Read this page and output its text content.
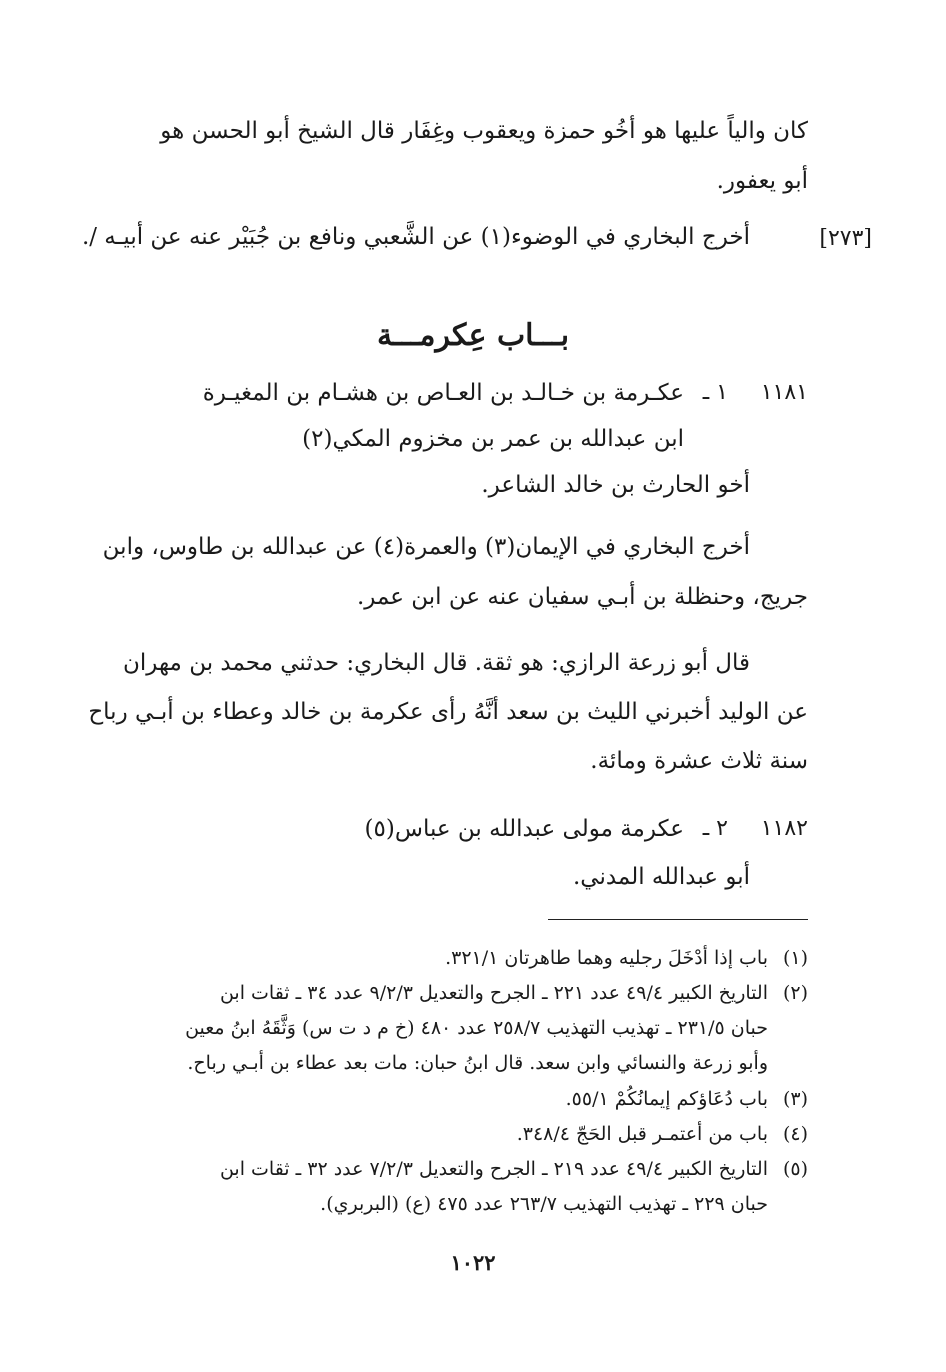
كان والياً عليها هو أخُو حمزة ويعقوب وغِفَار قال الشيخ أبو الحسن هو
أبو يعفور.
[٢٧٣]
أخرج البخاري في الوضوء(١) عن الشَّعبي ونافع بن جُبَيْر عنه عن أبيـه /.
بـــاب عِكرمـــة
١١٨١
١ ـ
عكـرمة بن خـالـد بن العـاص بن هشـام بن المغيـرة
ابن عبدالله بن عمر بن مخزوم المكي(٢)
أخو الحارث بن خالد الشاعر.
أخرج البخاري في الإيمان(٣) والعمرة(٤) عن عبدالله بن طاوس، وابن
جريج، وحنظلة بن أبـي سفيان عنه عن ابن عمر.
قال أبو زرعة الرازي: هو ثقة. قال البخاري: حدثني محمد بن مهران
عن الوليد أخبرني الليث بن سعد أنَّهُ رأى عكرمة بن خالد وعطاء بن أبـي رباح
سنة ثلاث عشرة ومائة.
١١٨٢
٢ ـ
عكرمة مولى عبدالله بن عباس(٥)
أبو عبدالله المدني.
(١)
باب إذا أدْخَلَ رجليه وهما طاهرتان ٣٢١/١.
(٢)
التاريخ الكبير ٤٩/٤ عدد ٢٢١ ـ الجرح والتعديل ٩/٢/٣ عدد ٣٤ ـ ثقات ابن
حبان ٢٣١/٥ ـ تهذيب التهذيب ٢٥٨/٧ عدد ٤٨٠ (خ م د ت س) وَثَّقَهُ ابنُ معين
وأبو زرعة والنسائي وابن سعد. قال ابنُ حبان: مات بعد عطاء بن أبـي رباح.
(٣)
باب دُعَاؤكم إيمانُكُمْ ٥٥/١.
(٤)
باب من أعتمـر قبل الحَجّ ٣٤٨/٤.
(٥)
التاريخ الكبير ٤٩/٤ عدد ٢١٩ ـ الجرح والتعديل ٧/٢/٣ عدد ٣٢ ـ ثقات ابن
حبان ٢٢٩ ـ تهذيب التهذيب ٢٦٣/٧ عدد ٤٧٥ (ع) (البربري).
١٠٢٢
